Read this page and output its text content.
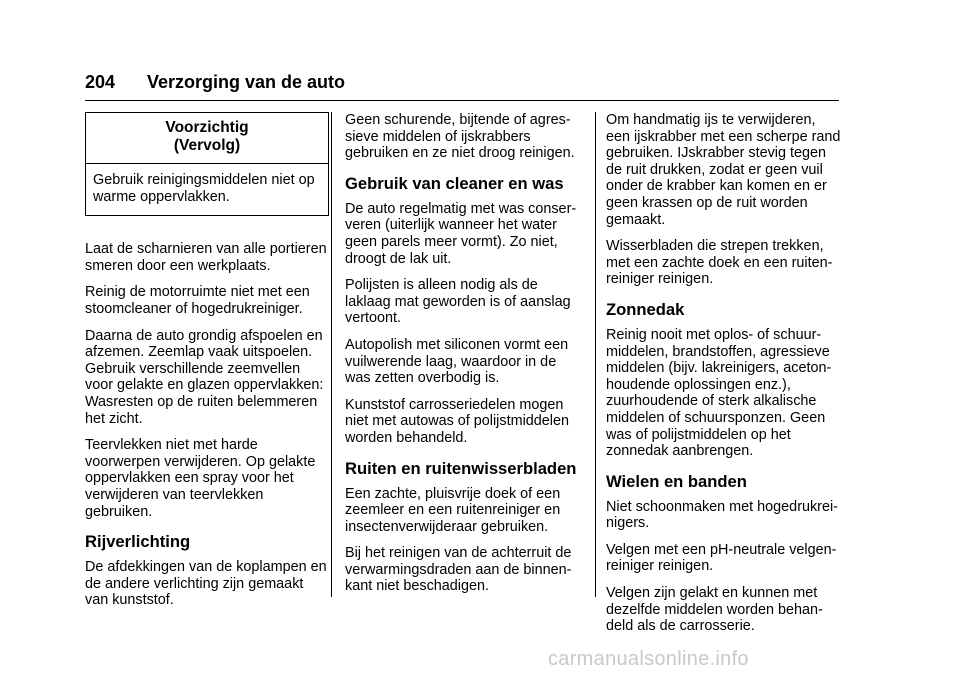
204 Verzorging van de auto
Voorzichtig
(Vervolg)
Gebruik reinigingsmiddelen niet op warme oppervlakken.

Laat de scharnieren van alle portieren smeren door een werkplaats.

Reinig de motorruimte niet met een stoomcleaner of hogedrukreiniger.

Daarna de auto grondig afspoelen en afzemen. Zeemlap vaak uitspoelen. Gebruik verschillende zeemvellen voor gelakte en glazen oppervlakken: Wasresten op de ruiten belemmeren het zicht.

Teervlekken niet met harde voorwerpen verwijderen. Op gelakte oppervlakken een spray voor het verwijderen van teervlekken gebruiken.

Rijverlichting

De afdekkingen van de koplampen en de andere verlichting zijn gemaakt van kunststof.

Geen schurende, bijtende of agres-sieve middelen of ijskrabbers gebruiken en ze niet droog reinigen.

Gebruik van cleaner en was

De auto regelmatig met was conser-veren (uiterlijk wanneer het water geen parels meer vormt). Zo niet, droogt de lak uit.

Polijsten is alleen nodig als de laklaag mat geworden is of aanslag vertoont.

Autopolish met siliconen vormt een vuilwerende laag, waardoor in de was zetten overbodig is.

Kunststof carrosseriedelen mogen niet met autowas of polijstmiddelen worden behandeld.

Ruiten en ruitenwisserbladen

Een zachte, pluisvrije doek of een zeemleer en een ruitenreiniger en insectenverwijderaar gebruiken.

Bij het reinigen van de achterruit de verwarmingsdraden aan de binnen-kant niet beschadigen.

Om handmatig ijs te verwijderen, een ijskrabber met een scherpe rand gebruiken. IJskrabber stevig tegen de ruit drukken, zodat er geen vuil onder de krabber kan komen en er geen krassen op de ruit worden gemaakt.

Wisserbladen die strepen trekken, met een zachte doek en een ruiten-reiniger reinigen.

Zonnedak

Reinig nooit met oplos- of schuur-middelen, brandstoffen, agressieve middelen (bijv. lakreinigers, aceton-houdende oplossingen enz.), zuurhoudende of sterk alkalische middelen of schuursponzen. Geen was of polijstmiddelen op het zonnedak aanbrengen.

Wielen en banden

Niet schoonmaken met hogedrukrei-nigers.

Velgen met een pH-neutrale velgen-reiniger reinigen.

Velgen zijn gelakt en kunnen met dezelfde middelen worden behan-deld als de carrosserie.

carmanualsonline.info
